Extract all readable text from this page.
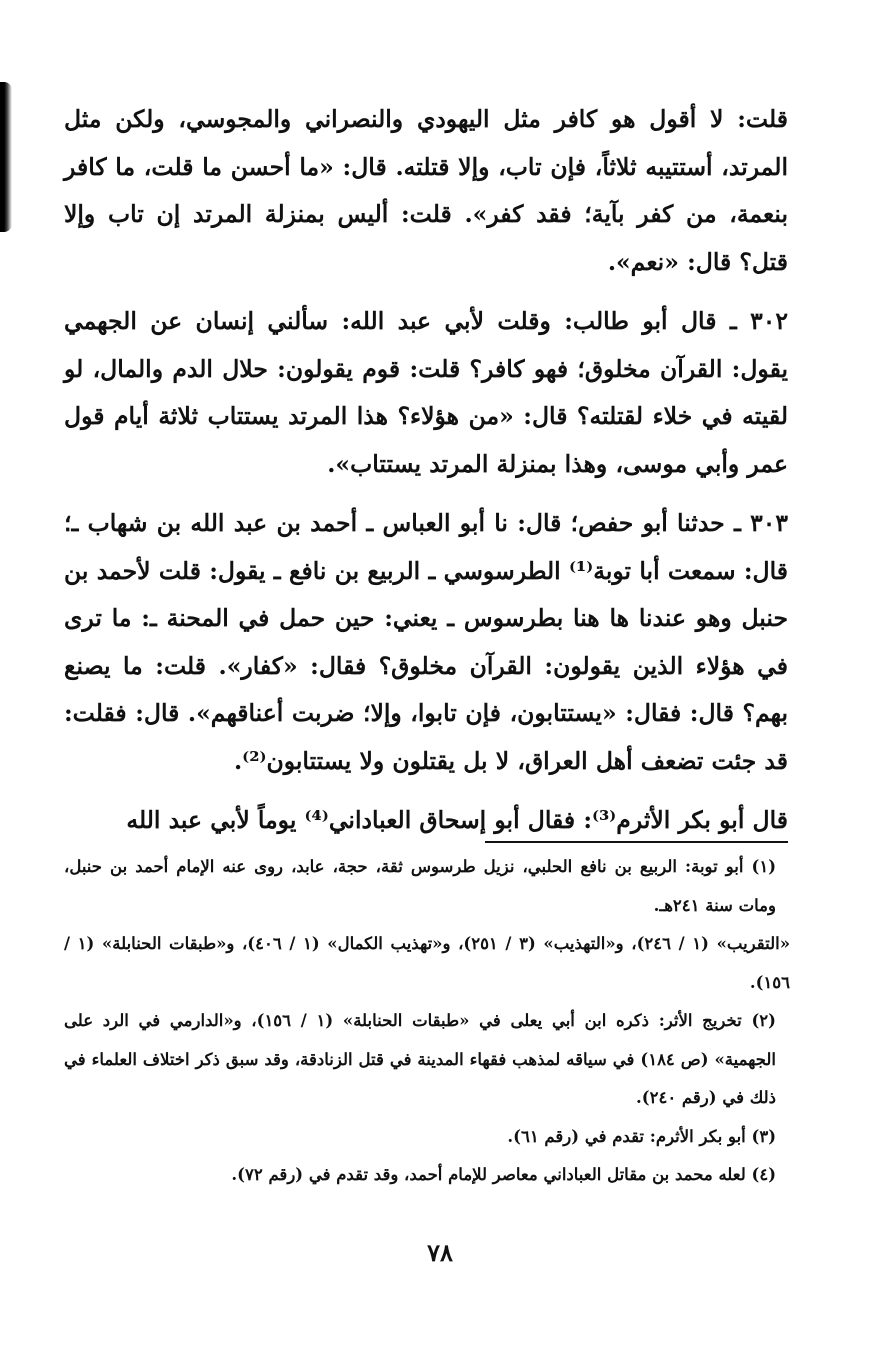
قلت: لا أقول هو كافر مثل اليهودي والنصراني والمجوسي، ولكن مثل المرتد، أستتيبه ثلاثاً، فإن تاب، وإلا قتلته. قال: «ما أحسن ما قلت، ما كافر بنعمة، من كفر بآية؛ فقد كفر». قلت: أليس بمنزلة المرتد إن تاب وإلا قتل؟ قال: «نعم».

٣٠٢ ـ قال أبو طالب: وقلت لأبي عبد الله: سألني إنسان عن الجهمي يقول: القرآن مخلوق؛ فهو كافر؟ قلت: قوم يقولون: حلال الدم والمال، لو لقيته في خلاء لقتلته؟ قال: «من هؤلاء؟ هذا المرتد يستتاب ثلاثة أيام قول عمر وأبي موسى، وهذا بمنزلة المرتد يستتاب».

٣٠٣ ـ حدثنا أبو حفص؛ قال: نا أبو العباس ـ أحمد بن عبد الله بن شهاب ـ؛ قال: سمعت أبا توبة⁽¹⁾ الطرسوسي ـ الربيع بن نافع ـ يقول: قلت لأحمد بن حنبل وهو عندنا ها هنا بطرسوس ـ يعني: حين حمل في المحنة ـ: ما ترى في هؤلاء الذين يقولون: القرآن مخلوق؟ فقال: «كفار». قلت: ما يصنع بهم؟ قال: فقال: «يستتابون، فإن تابوا، وإلا؛ ضربت أعناقهم». قال: فقلت: قد جئت تضعف أهل العراق، لا بل يقتلون ولا يستتابون⁽²⁾.

قال أبو بكر الأثرم⁽³⁾: فقال أبو إسحاق العباداني⁽⁴⁾ يوماً لأبي عبد الله

(١) أبو توبة: الربيع بن نافع الحلبي، نزيل طرسوس ثقة، حجة، عابد، روى عنه الإمام أحمد بن حنبل، ومات سنة ٢٤١هـ.

«التقريب» (١ / ٢٤٦)، و«التهذيب» (٣ / ٢٥١)، و«تهذيب الكمال» (١ / ٤٠٦)، و«طبقات الحنابلة» (١ / ١٥٦).

(٢) تخريج الأثر: ذكره ابن أبي يعلى في «طبقات الحنابلة» (١ / ١٥٦)، و«الدارمي في الرد على الجهمية» (ص ١٨٤) في سياقه لمذهب فقهاء المدينة في قتل الزنادقة، وقد سبق ذكر اختلاف العلماء في ذلك في (رقم ٢٤٠).

(٣) أبو بكر الأثرم: تقدم في (رقم ٦١).

(٤) لعله محمد بن مقاتل العباداني معاصر للإمام أحمد، وقد تقدم في (رقم ٧٢).

٧٨
